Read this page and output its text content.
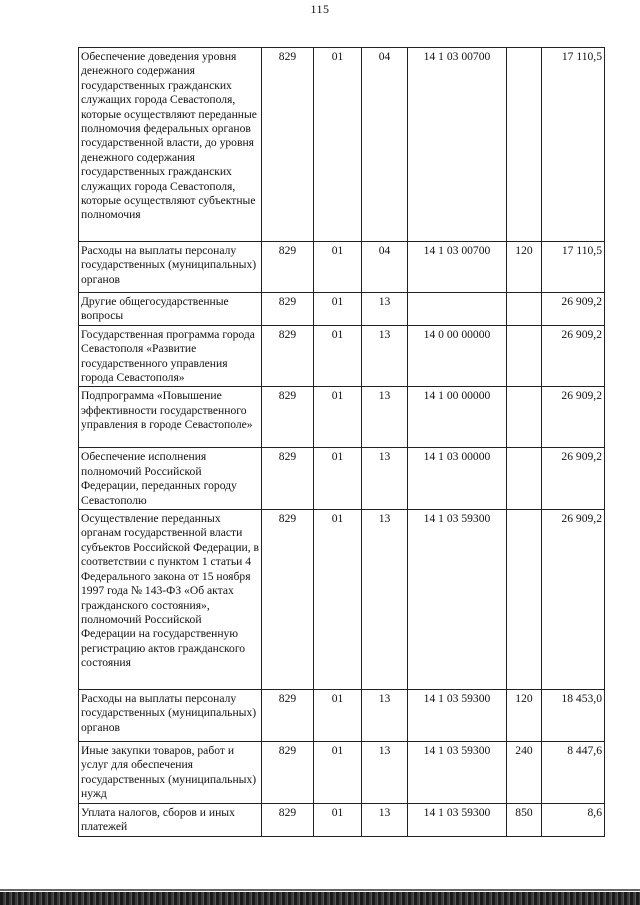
115
Обеспечение доведения уровня денежного содержания государственных гражданских служащих города Севастополя, которые осуществляют переданные полномочия федеральных органов государственной власти, до уровня денежного содержания государственных гражданских служащих города Севастополя, которые осуществляют субъектные полномочия	829	01	04	14 1 03 00700		17 110,5
Расходы на выплаты персоналу государственных (муниципальных) органов	829	01	04	14 1 03 00700	120	17 110,5
Другие общегосударственные вопросы	829	01	13			26 909,2
Государственная программа города Севастополя «Развитие государственного управления города Севастополя»	829	01	13	14 0 00 00000		26 909,2
Подпрограмма «Повышение эффективности государственного управления в городе Севастополе»	829	01	13	14 1 00 00000		26 909,2
Обеспечение исполнения полномочий Российской Федерации, переданных городу Севастополю	829	01	13	14 1 03 00000		26 909,2
Осуществление переданных органам государственной власти субъектов Российской Федерации, в соответствии с пунктом 1 статьи 4 Федерального закона от 15 ноября 1997 года № 143-ФЗ «Об актах гражданского состояния», полномочий Российской Федерации на государственную регистрацию актов гражданского состояния	829	01	13	14 1 03 59300		26 909,2
Расходы на выплаты персоналу государственных (муниципальных) органов	829	01	13	14 1 03 59300	120	18 453,0
Иные закупки товаров, работ и услуг для обеспечения государственных (муниципальных) нужд	829	01	13	14 1 03 59300	240	8 447,6
Уплата налогов, сборов и иных платежей	829	01	13	14 1 03 59300	850	8,6
